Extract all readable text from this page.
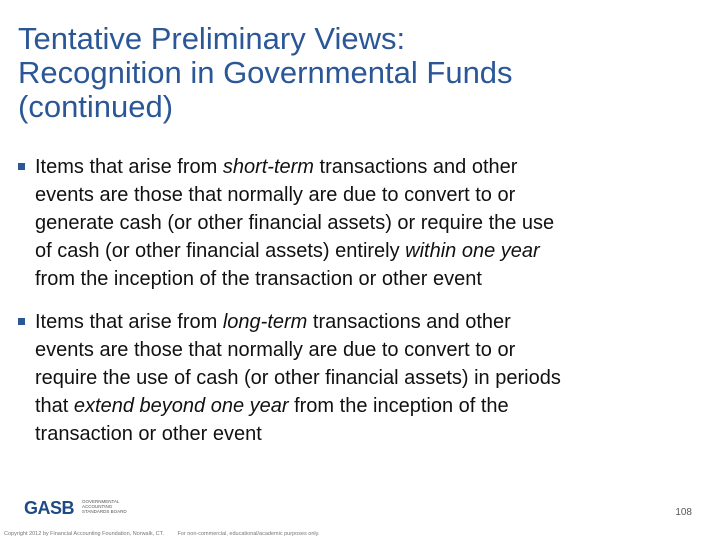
Tentative Preliminary Views:
Recognition in Governmental Funds
(continued)
Items that arise from short-term transactions and other
events are those that normally are due to convert to or
generate cash (or other financial assets) or require the use
of cash (or other financial assets) entirely within one year
from the inception of the transaction or other event
Items that arise from long-term transactions and other
events are those that normally are due to convert to or
require the use of cash (or other financial assets) in periods
that extend beyond one year from the inception of the
transaction or other event
GASB GOVERNMENTAL
ACCOUNTING
STANDARDS BOARD	108
Copyright 2012 by Financial Accounting Foundation, Norwalk, CT. For non-commercial, educational/academic purposes only.
